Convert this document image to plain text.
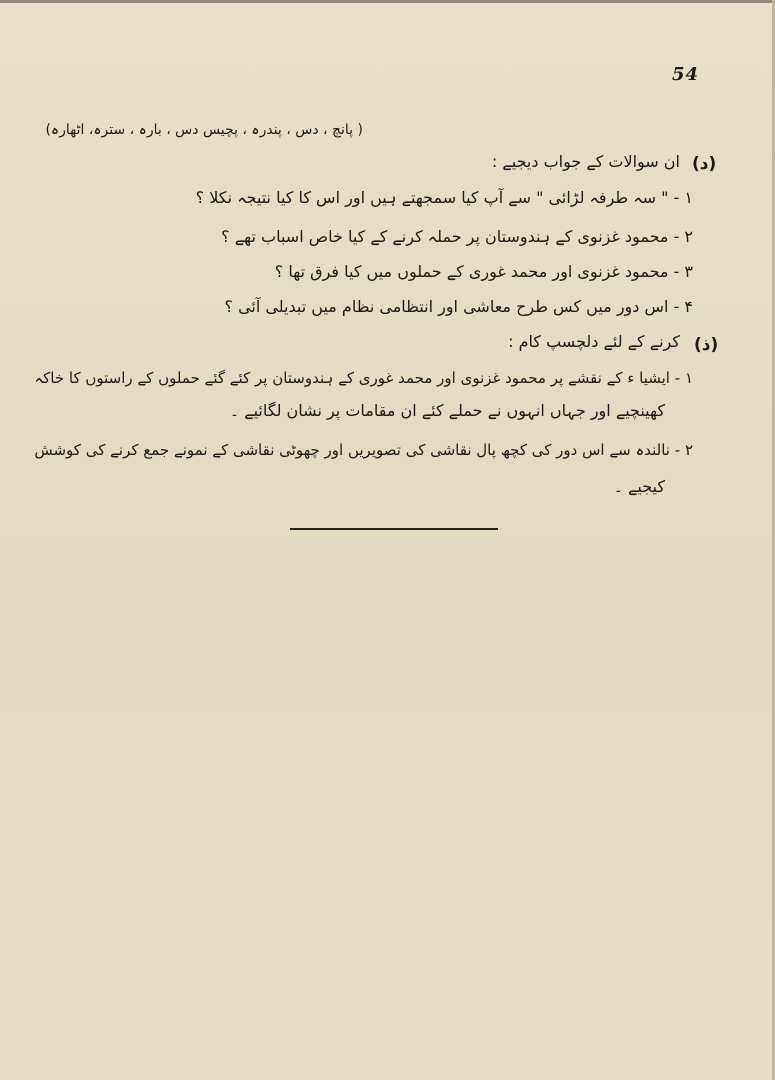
54
( پانچ ، دس ، پندرہ ، پچیس دس ، بارہ ، سترہ، اٹھارہ)
(د)
ان سوالات کے جواب دیجیے :
۱ - " سہ طرفہ لڑائی " سے آپ کیا سمجھتے ہیں اور اس کا کیا نتیجہ نکلا ؟
۲ - محمود غزنوی کے ہندوستان پر حملہ کرنے کے کیا خاص اسباب تھے ؟
۳ - محمود غزنوی اور محمد غوری کے حملوں میں کیا فرق تھا ؟
۴ - اس دور میں کس طرح معاشی اور انتظامی نظام میں تبدیلی آئی ؟
(ذ)
کرنے کے لئے دلچسپ کام :
۱ - ایشیا ء کے نقشے پر محمود غزنوی اور محمد غوری کے ہندوستان پر کئے گئے حملوں کے راستوں کا خاکہ
کھینچیے اور جہاں انہوں نے حملے کئے ان مقامات پر نشان لگائیے ۔
۲ - نالندہ سے اس دور کی کچھ پال نقاشی کی تصویریں اور چھوٹی نقاشی کے نمونے جمع کرنے کی کوشش
کیجیے ۔
